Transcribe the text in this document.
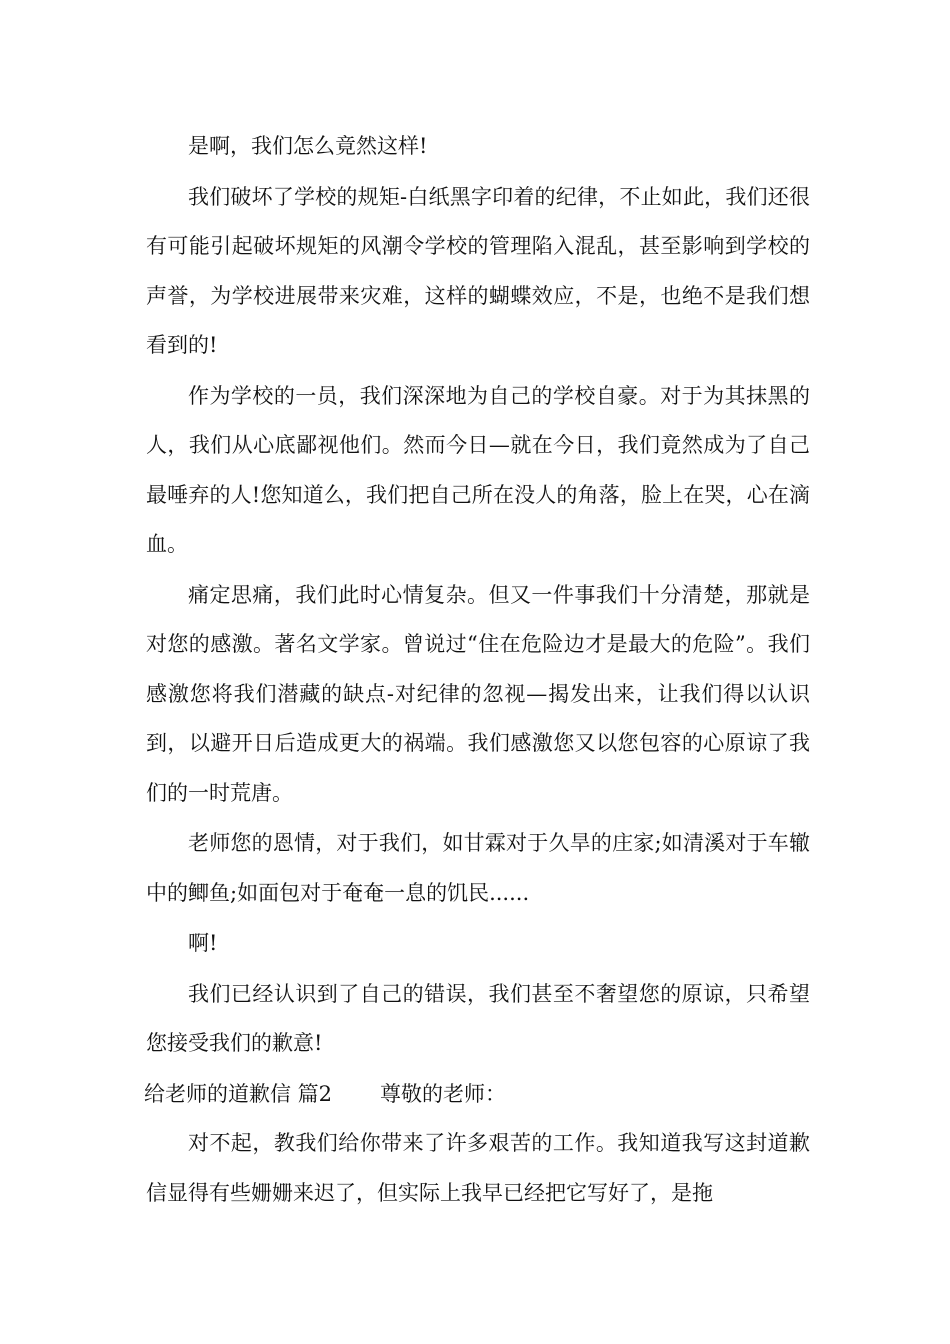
是啊，我们怎么竟然这样!

我们破坏了学校的规矩-白纸黑字印着的纪律，不止如此，我们还很有可能引起破坏规矩的风潮令学校的管理陷入混乱，甚至影响到学校的声誉，为学校进展带来灾难，这样的蝴蝶效应，不是，也绝不是我们想看到的!

作为学校的一员，我们深深地为自己的学校自豪。对于为其抹黑的人，我们从心底鄙视他们。然而今日—就在今日，我们竟然成为了自己最唾弃的人!您知道么，我们把自己所在没人的角落，脸上在哭，心在滴血。

痛定思痛，我们此时心情复杂。但又一件事我们十分清楚，那就是对您的感激。著名文学家。曾说过“住在危险边才是最大的危险”。我们感激您将我们潜藏的缺点-对纪律的忽视—揭发出来，让我们得以认识到，以避开日后造成更大的祸端。我们感激您又以您包容的心原谅了我们的一时荒唐。

老师您的恩情，对于我们，如甘霖对于久旱的庄家;如清溪对于车辙中的鲫鱼;如面包对于奄奄一息的饥民......

啊!

我们已经认识到了自己的错误，我们甚至不奢望您的原谅，只希望您接受我们的歉意!

给老师的道歉信 篇2 尊敬的老师：

对不起，教我们给你带来了许多艰苦的工作。我知道我写这封道歉信显得有些姗姗来迟了，但实际上我早已经把它写好了，是拖
